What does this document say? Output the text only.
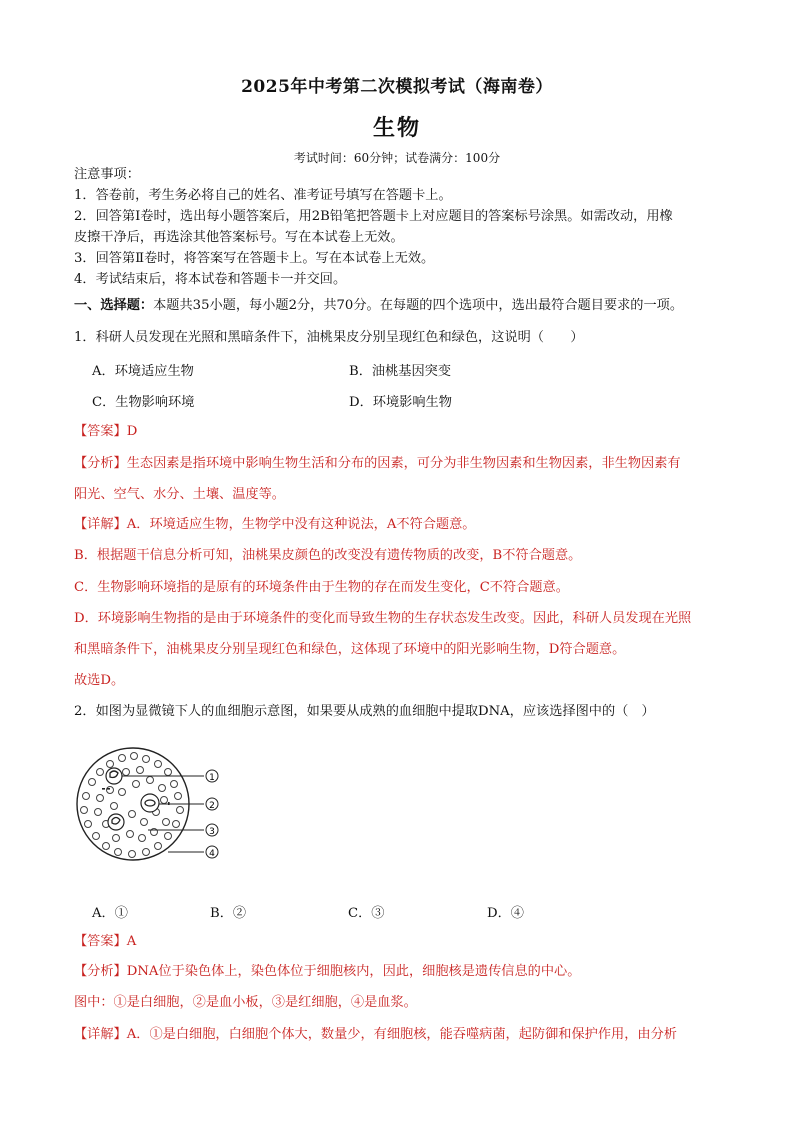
2025年中考第二次模拟考试（海南卷）
生物
考试时间：60分钟；试卷满分：100分
注意事项：
1．答卷前，考生务必将自己的姓名、准考证号填写在答题卡上。
2．回答第Ⅰ卷时，选出每小题答案后，用2B铅笔把答题卡上对应题目的答案标号涂黑。如需改动，用橡
皮擦干净后，再选涂其他答案标号。写在本试卷上无效。
3．回答第Ⅱ卷时，将答案写在答题卡上。写在本试卷上无效。
4．考试结束后，将本试卷和答题卡一并交回。
一、选择题：本题共35小题，每小题2分，共70分。在每题的四个选项中，选出最符合题目要求的一项。
1．科研人员发现在光照和黑暗条件下，油桃果皮分别呈现红色和绿色，这说明（　　）
A．环境适应生物	B．油桃基因突变
C．生物影响环境	D．环境影响生物
【答案】D
【分析】生态因素是指环境中影响生物生活和分布的因素，可分为非生物因素和生物因素，非生物因素有
阳光、空气、水分、土壤、温度等。
【详解】A．环境适应生物，生物学中没有这种说法，A不符合题意。
B．根据题干信息分析可知，油桃果皮颜色的改变没有遗传物质的改变，B不符合题意。
C．生物影响环境指的是原有的环境条件由于生物的存在而发生变化，C不符合题意。
D．环境影响生物指的是由于环境条件的变化而导致生物的生存状态发生改变。因此，科研人员发现在光照
和黑暗条件下，油桃果皮分别呈现红色和绿色，这体现了环境中的阳光影响生物，D符合题意。
故选D。
2．如图为显微镜下人的血细胞示意图，如果要从成熟的血细胞中提取DNA，应该选择图中的（　）
1
2
3
4
A．①	B．②	C．③	D．④
【答案】A
【分析】DNA位于染色体上，染色体位于细胞核内，因此，细胞核是遗传信息的中心。
图中：①是白细胞，②是血小板，③是红细胞，④是血浆。
【详解】A．①是白细胞，白细胞个体大，数量少，有细胞核，能吞噬病菌，起防御和保护作用，由分析
